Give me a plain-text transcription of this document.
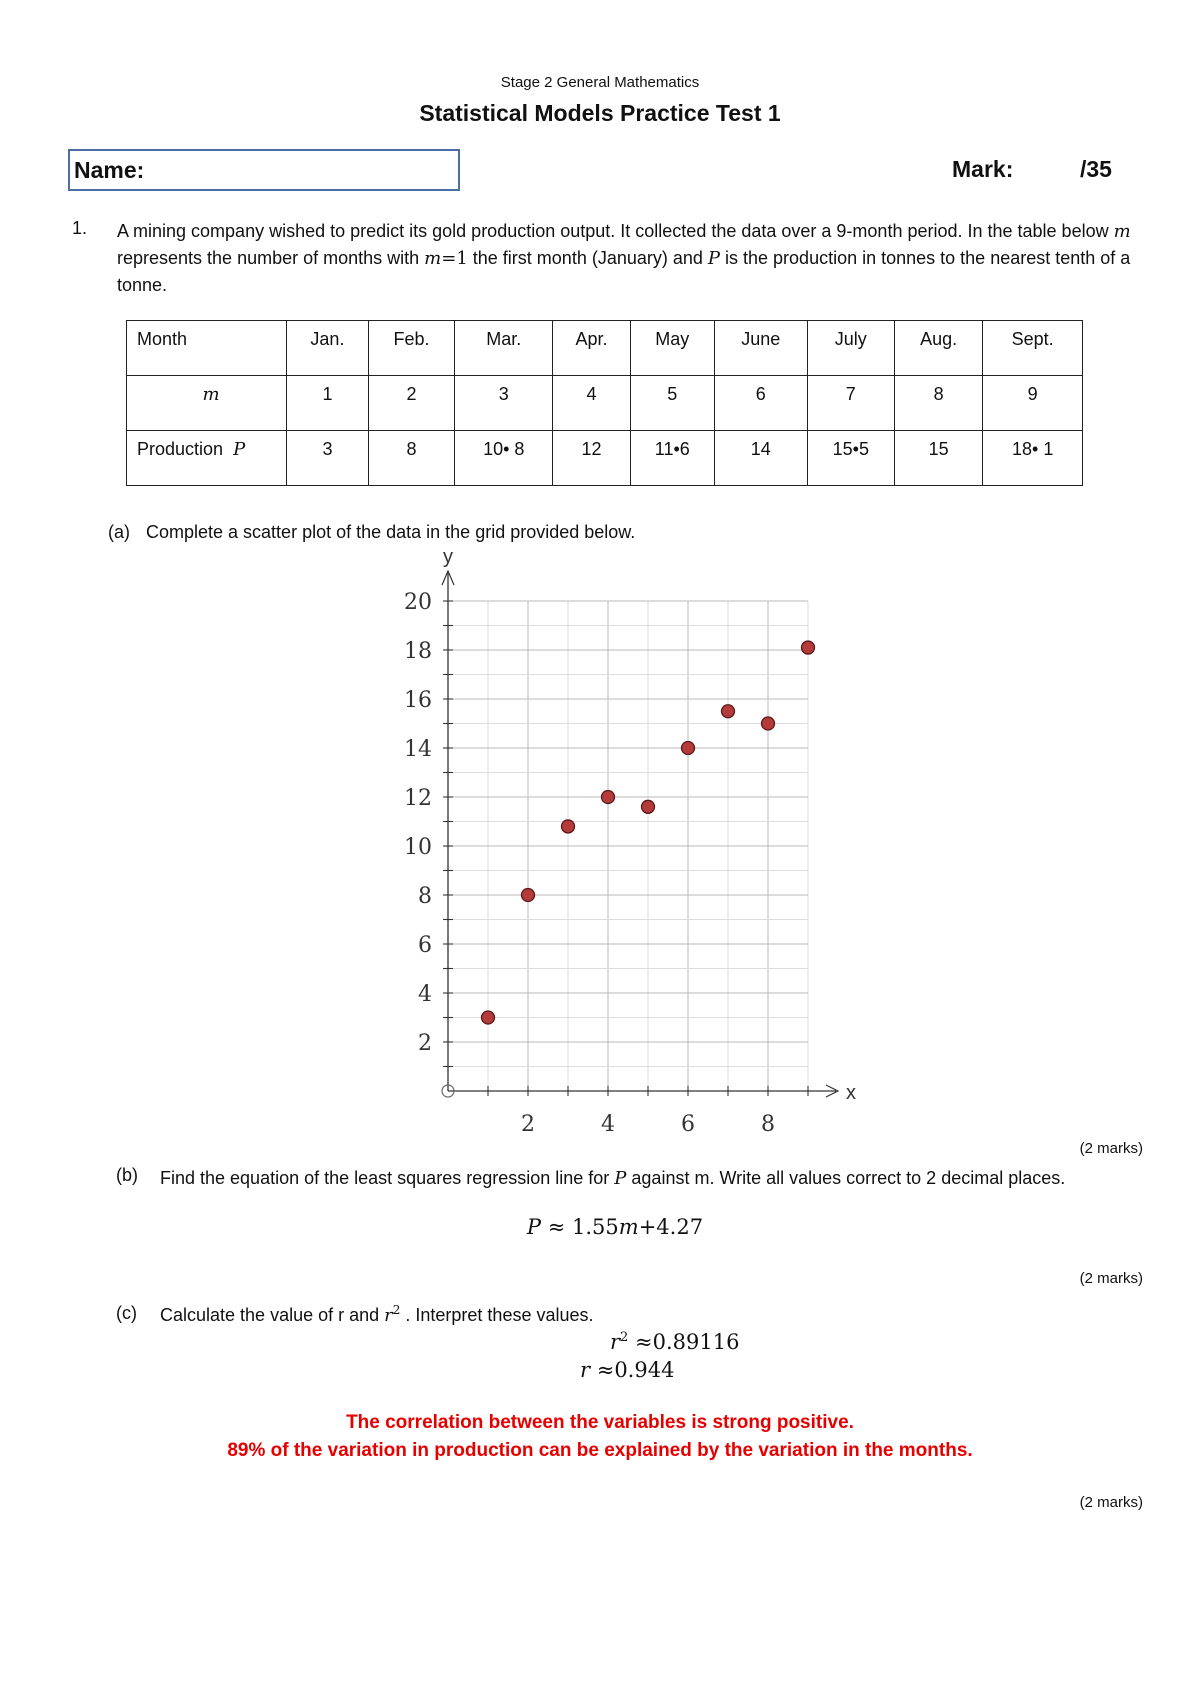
Stage 2 General Mathematics
Statistical Models Practice Test 1
Name:	Mark:	/35
1. A mining company wished to predict its gold production output. It collected the data over a 9-month period. In the table below m represents the number of months with m=1 the first month (January) and P is the production in tonnes to the nearest tenth of a tonne.
Month	Jan.	Feb.	Mar.	Apr.	May	June	July	Aug.	Sept.
m	1	2	3	4	5	6	7	8	9
Production P	3	8	10• 8	12	11•6	14	15•5	15	18• 1
(a) Complete a scatter plot of the data in the grid provided below.
2	4	6	8
2
4
6
8
10
12
14
16
18
20
x
y
(2 marks)
(b) Find the equation of the least squares regression line for P against m. Write all values correct to 2 decimal places.
P ≈ 1.55m+4.27
(2 marks)
(c) Calculate the value of r and $r^2$ . Interpret these values.
$r^2 \approx 0.89116$
r ≈0.944
The correlation between the variables is strong positive.
89% of the variation in production can be explained by the variation in the months.
(2 marks)
